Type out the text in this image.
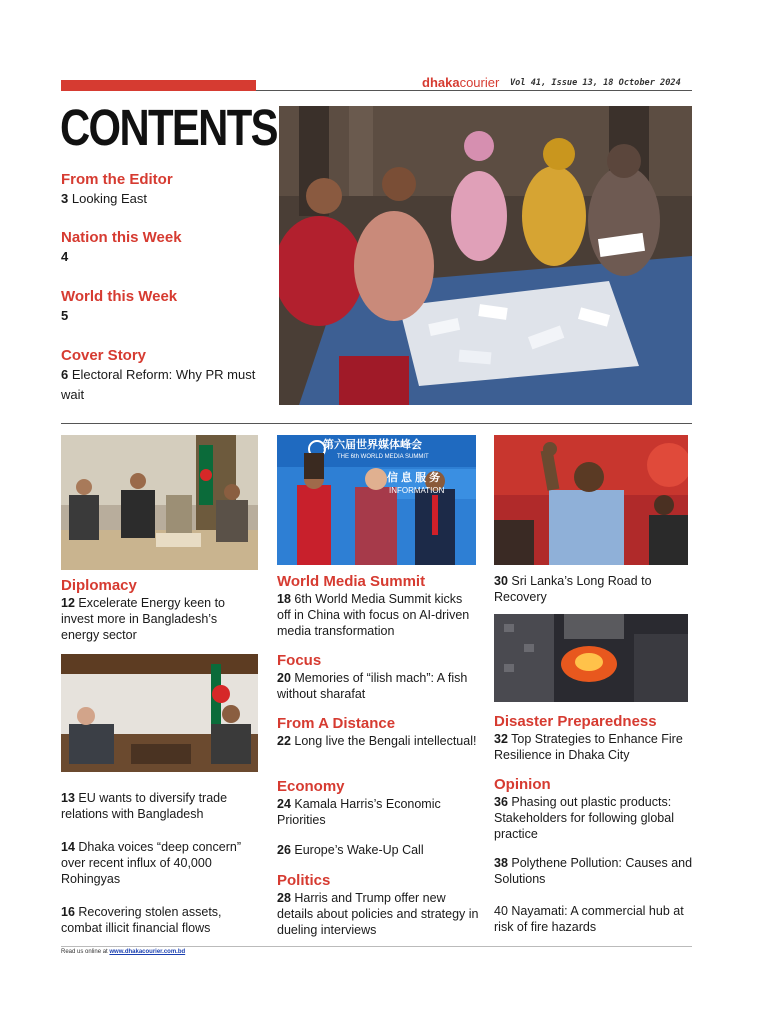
dhakacourier Vol 41, Issue 13, 18 October 2024
CONTENTS
From the Editor
3 Looking East
Nation this Week
4
World this Week
5
Cover Story
6 Electoral Reform: Why PR must wait
Diplomacy
12 Excelerate Energy keen to invest more in Bangladesh’s energy sector
13 EU wants to diversify trade relations with Bangladesh
14 Dhaka voices “deep concern” over recent influx of 40,000 Rohingyas
16 Recovering stolen assets, combat illicit financial flows
第六届世界媒体峰会
THE 6th WORLD MEDIA SUMMIT
信 息 服 务
INFORMATION
World Media Summit
18 6th World Media Summit kicks off in China with focus on AI-driven media transformation
Focus
20 Memories of “ilish mach”: A fish without sharafat
From A Distance
22 Long live the Bengali intellectual!
Economy
24 Kamala Harris’s Economic Priorities
26 Europe’s Wake-Up Call
Politics
28 Harris and Trump offer new details about policies and strategy in dueling interviews
30 Sri Lanka’s Long Road to Recovery
Disaster Preparedness
32 Top Strategies to Enhance Fire Resilience in Dhaka City
Opinion
36 Phasing out plastic products: Stakeholders for following global practice
38 Polythene Pollution: Causes and Solutions
40 Nayamati: A commercial hub at risk of fire hazards
Read us online at www.dhakacourier.com.bd
